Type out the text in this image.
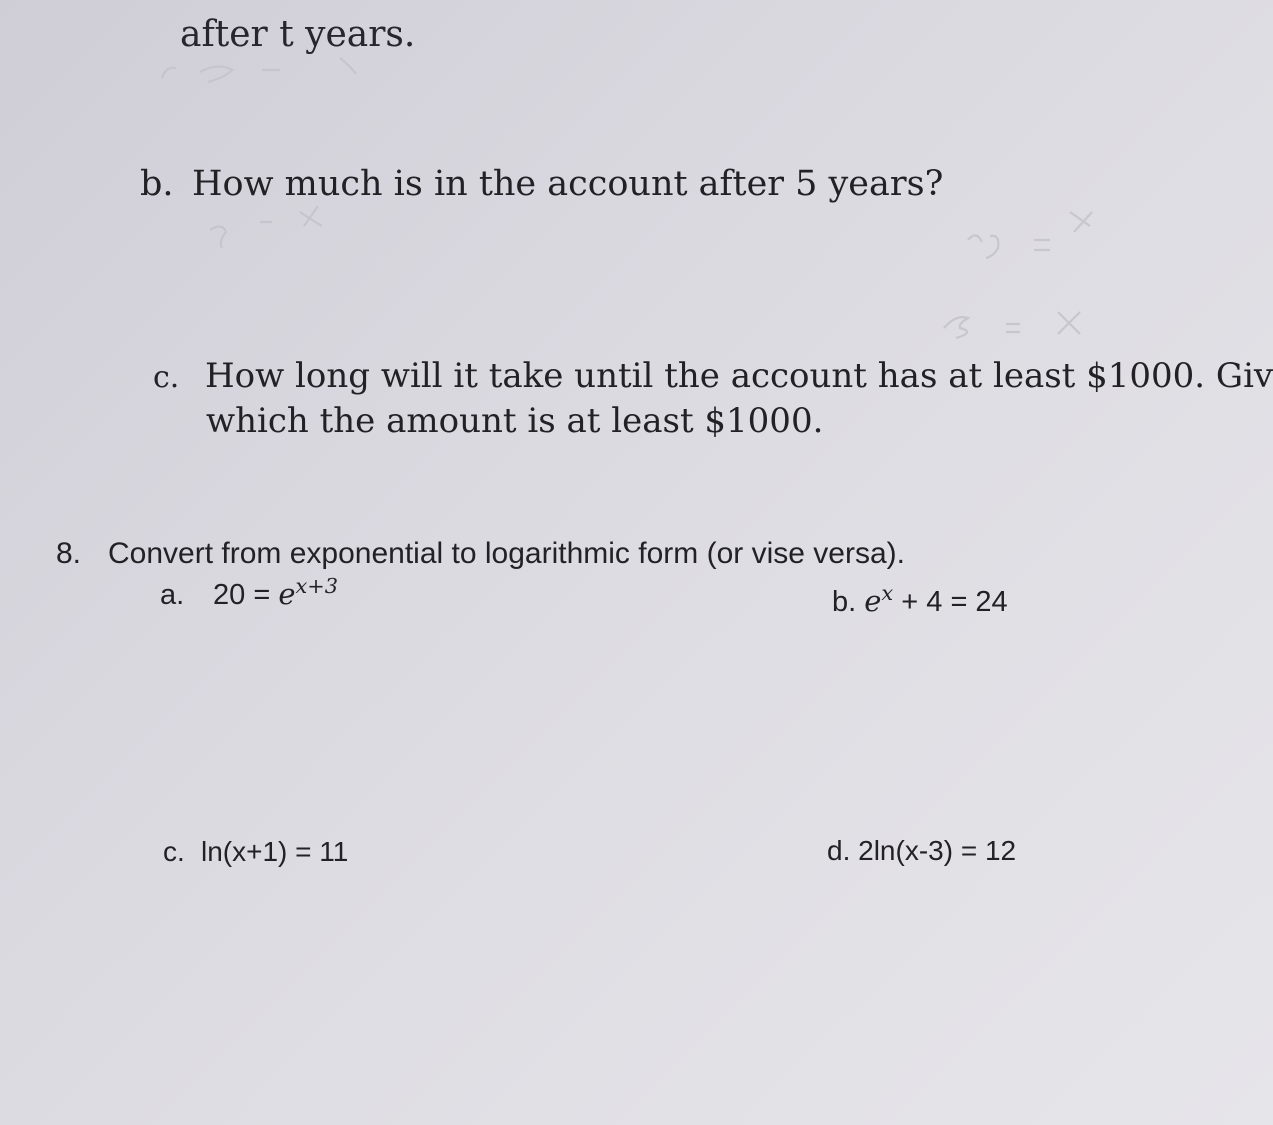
after t years.
b. How much is in the account after 5 years?
c. How long will it take until the account has at least $1000. Giv
which the amount is at least $1000.
8. Convert from exponential to logarithmic form (or vise versa).
a. $20 = e^{x+3}$
b. $e^x + 4 = 24$
c. ln(x+1) = 11	d. 2ln(x-3) = 12
